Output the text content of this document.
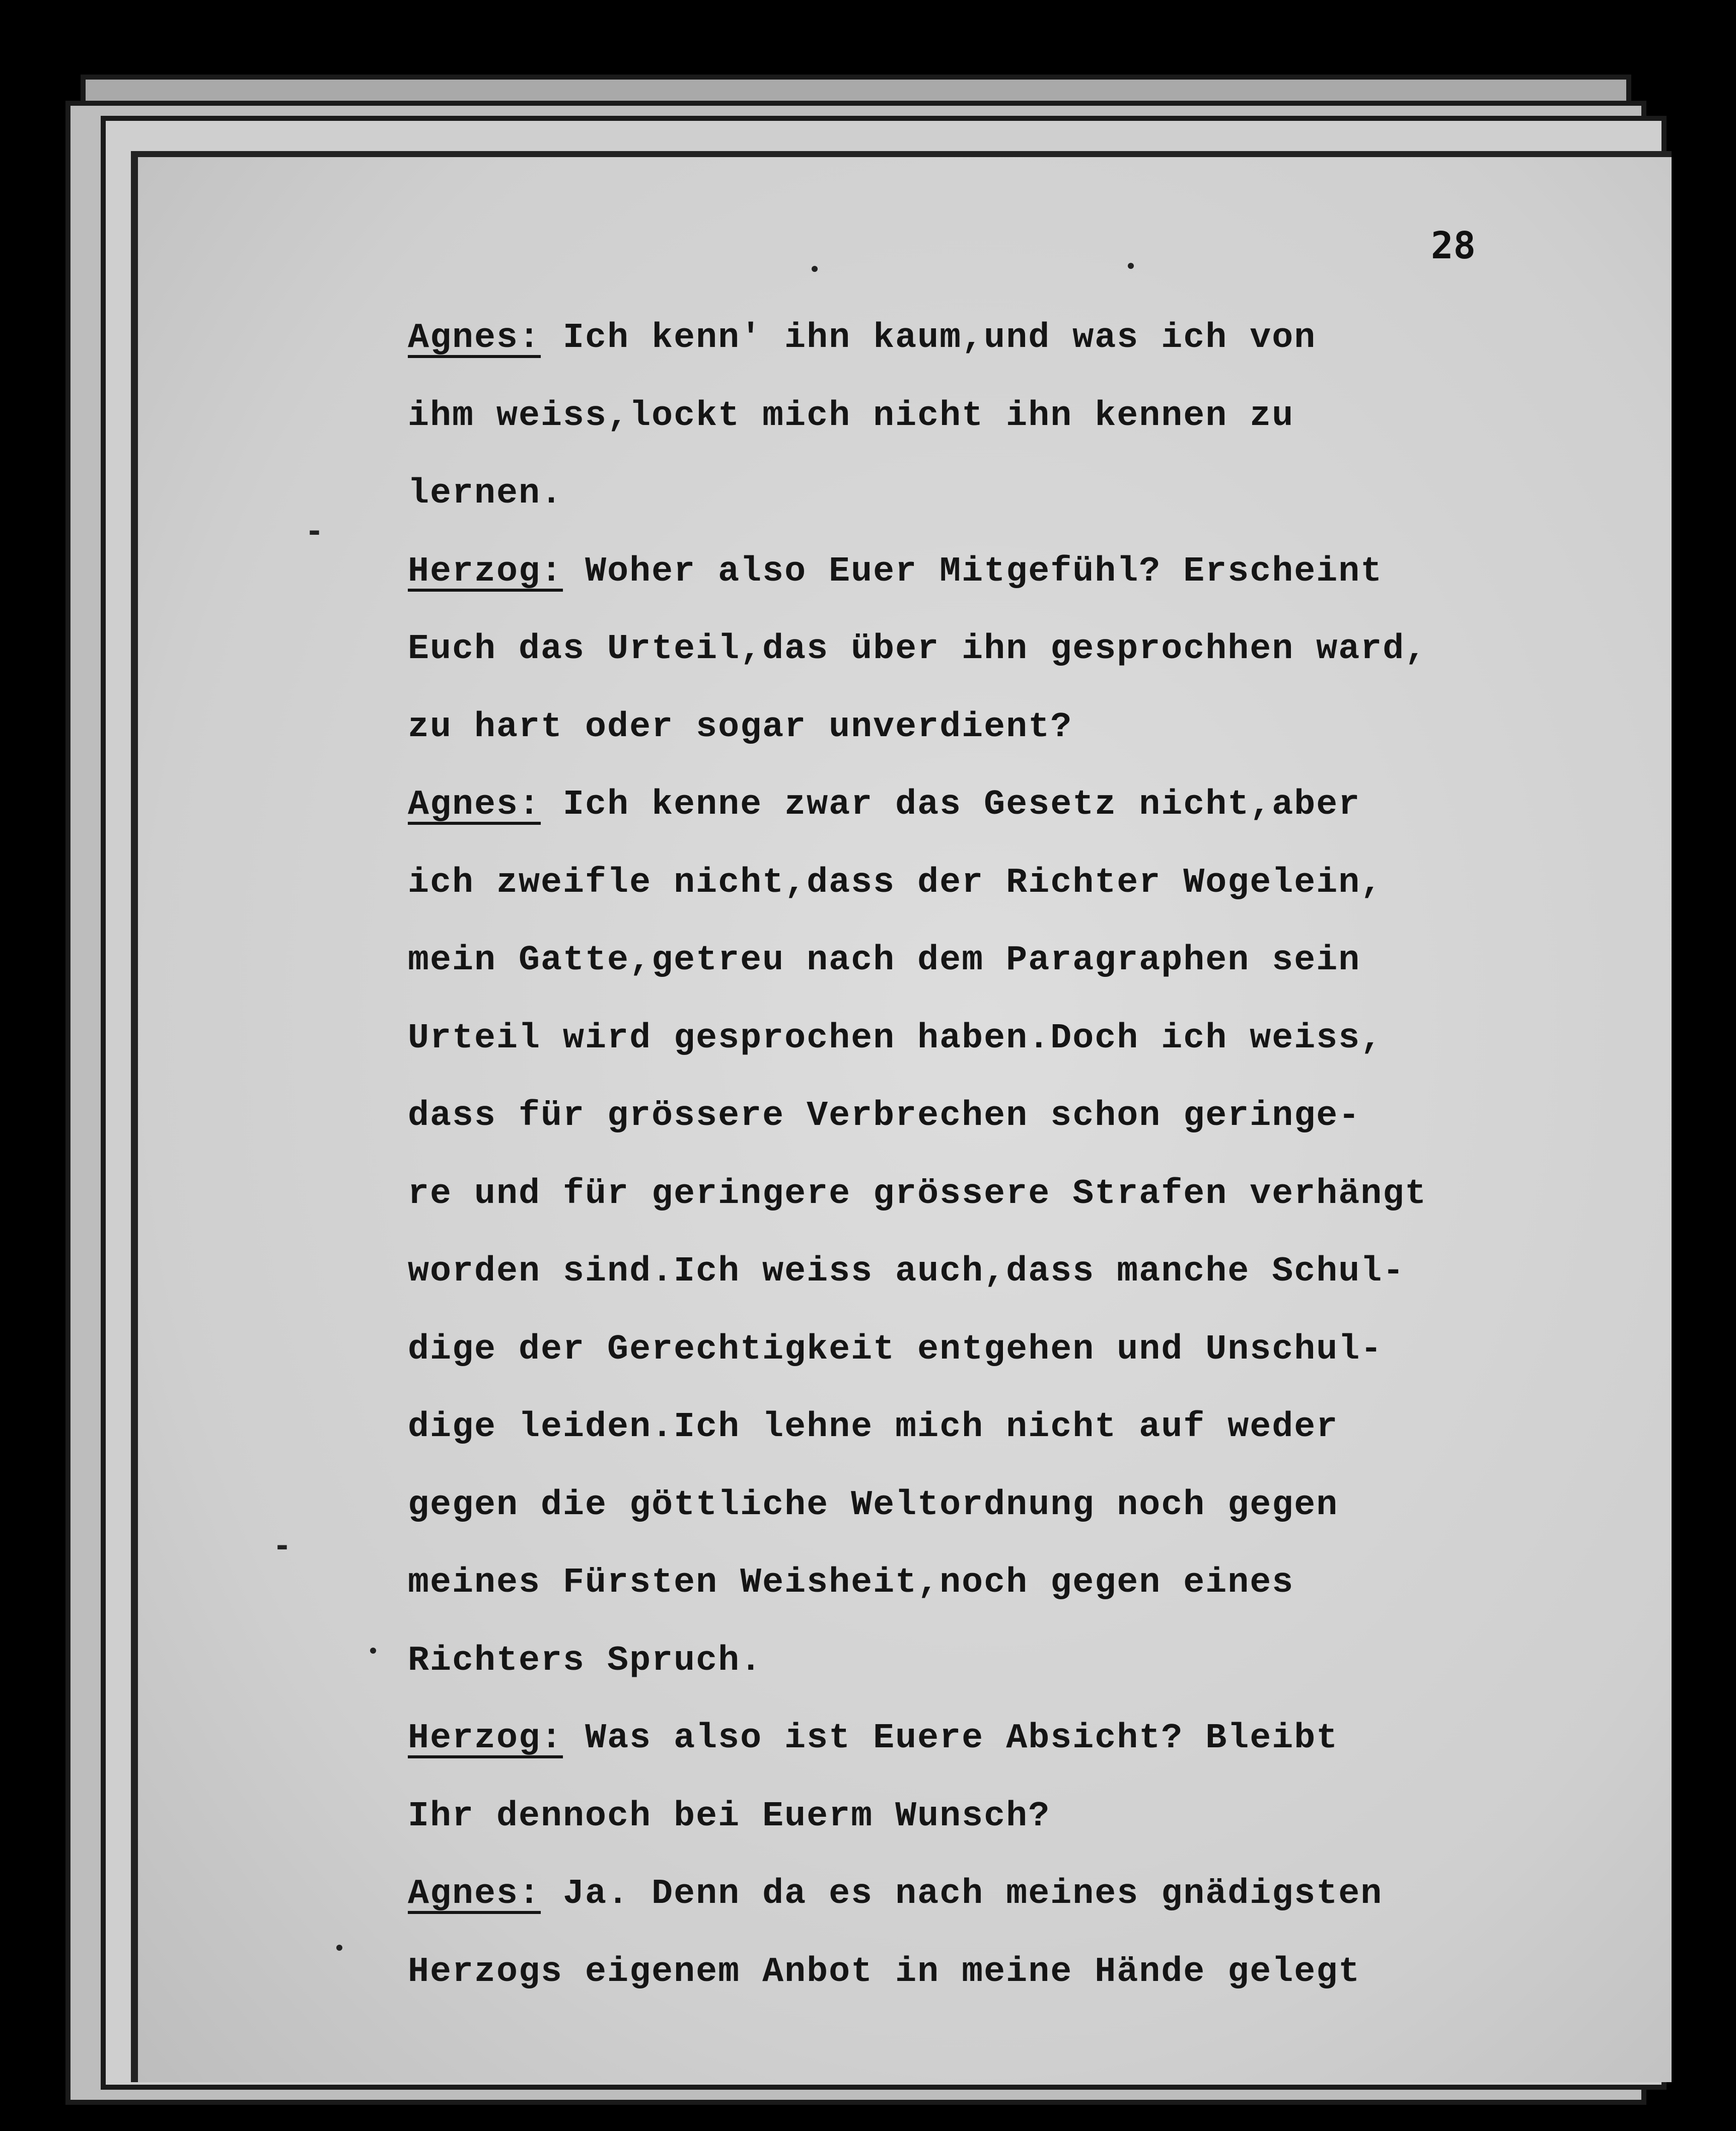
28
Agnes: Ich kenn' ihn kaum,und was ich von
ihm weiss,lockt mich nicht ihn kennen zu
lernen.
Herzog: Woher also Euer Mitgefühl? Erscheint
Euch das Urteil,das über ihn gesprochhen ward,
zu hart oder sogar unverdient?
Agnes: Ich kenne zwar das Gesetz nicht,aber
ich zweifle nicht,dass der Richter Wogelein,
mein Gatte,getreu nach dem Paragraphen sein
Urteil wird gesprochen haben.Doch ich weiss,
dass für grössere Verbrechen schon geringe-
re und für geringere grössere Strafen verhängt
worden sind.Ich weiss auch,dass manche Schul-
dige der Gerechtigkeit entgehen und Unschul-
dige leiden.Ich lehne mich nicht auf weder
gegen die göttliche Weltordnung noch gegen
meines Fürsten Weisheit,noch gegen eines
Richters Spruch.
Herzog: Was also ist Euere Absicht? Bleibt
Ihr dennoch bei Euerm Wunsch?
Agnes: Ja. Denn da es nach meines gnädigsten
Herzogs eigenem Anbot in meine Hände gelegt
-
-
